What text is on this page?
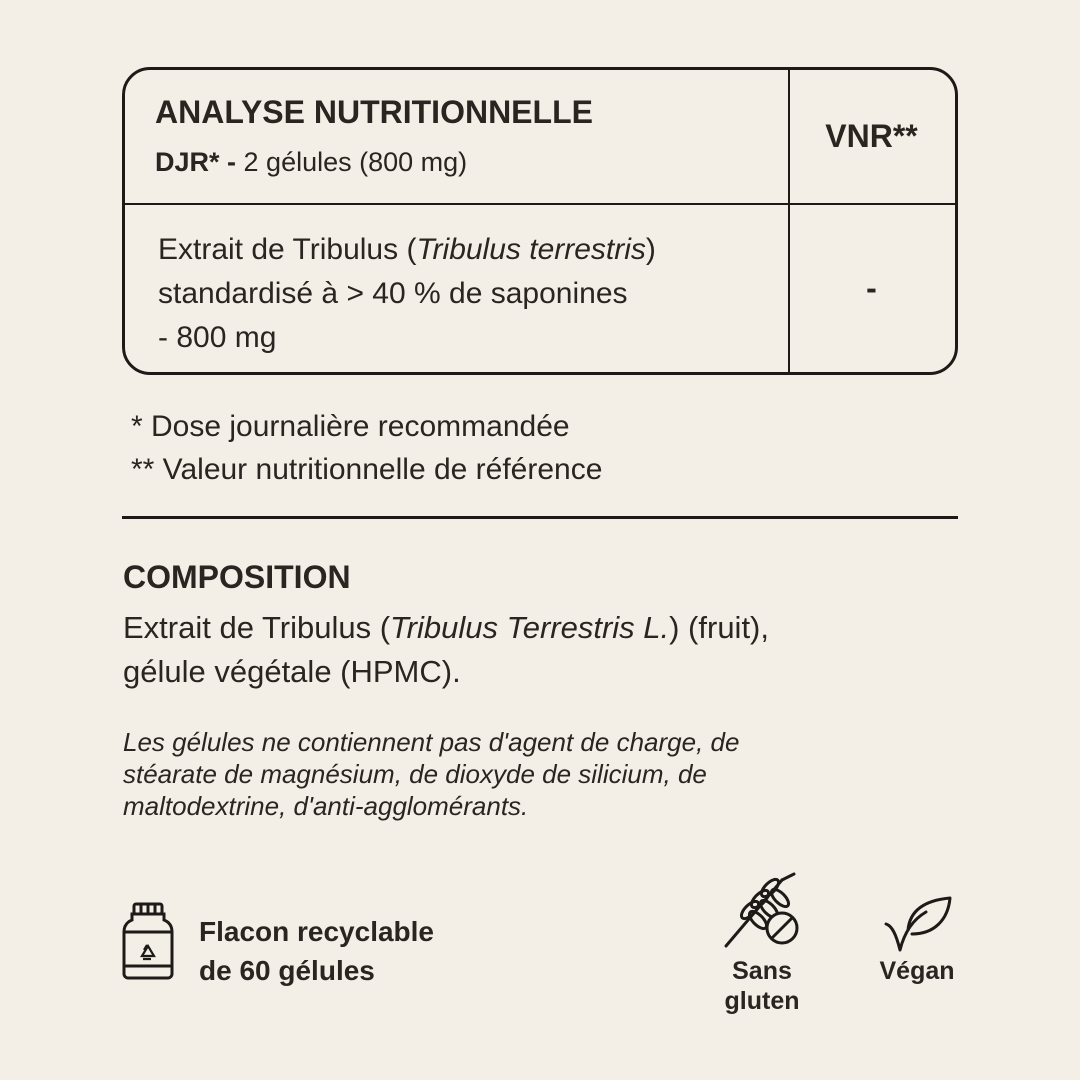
ANALYSE NUTRITIONNELLE
DJR* - 2 gélules (800 mg)
VNR**
Extrait de Tribulus (Tribulus terrestris)
standardisé à > 40 % de saponines
- 800 mg
-
* Dose journalière recommandée
** Valeur nutritionnelle de référence
COMPOSITION
Extrait de Tribulus (Tribulus Terrestris L.) (fruit),
gélule végétale (HPMC).
Les gélules ne contiennent pas d'agent de charge, de
stéarate de magnésium, de dioxyde de silicium, de
maltodextrine, d'anti-agglomérants.
Flacon recyclable
de 60 gélules	Sans
gluten
Végan
